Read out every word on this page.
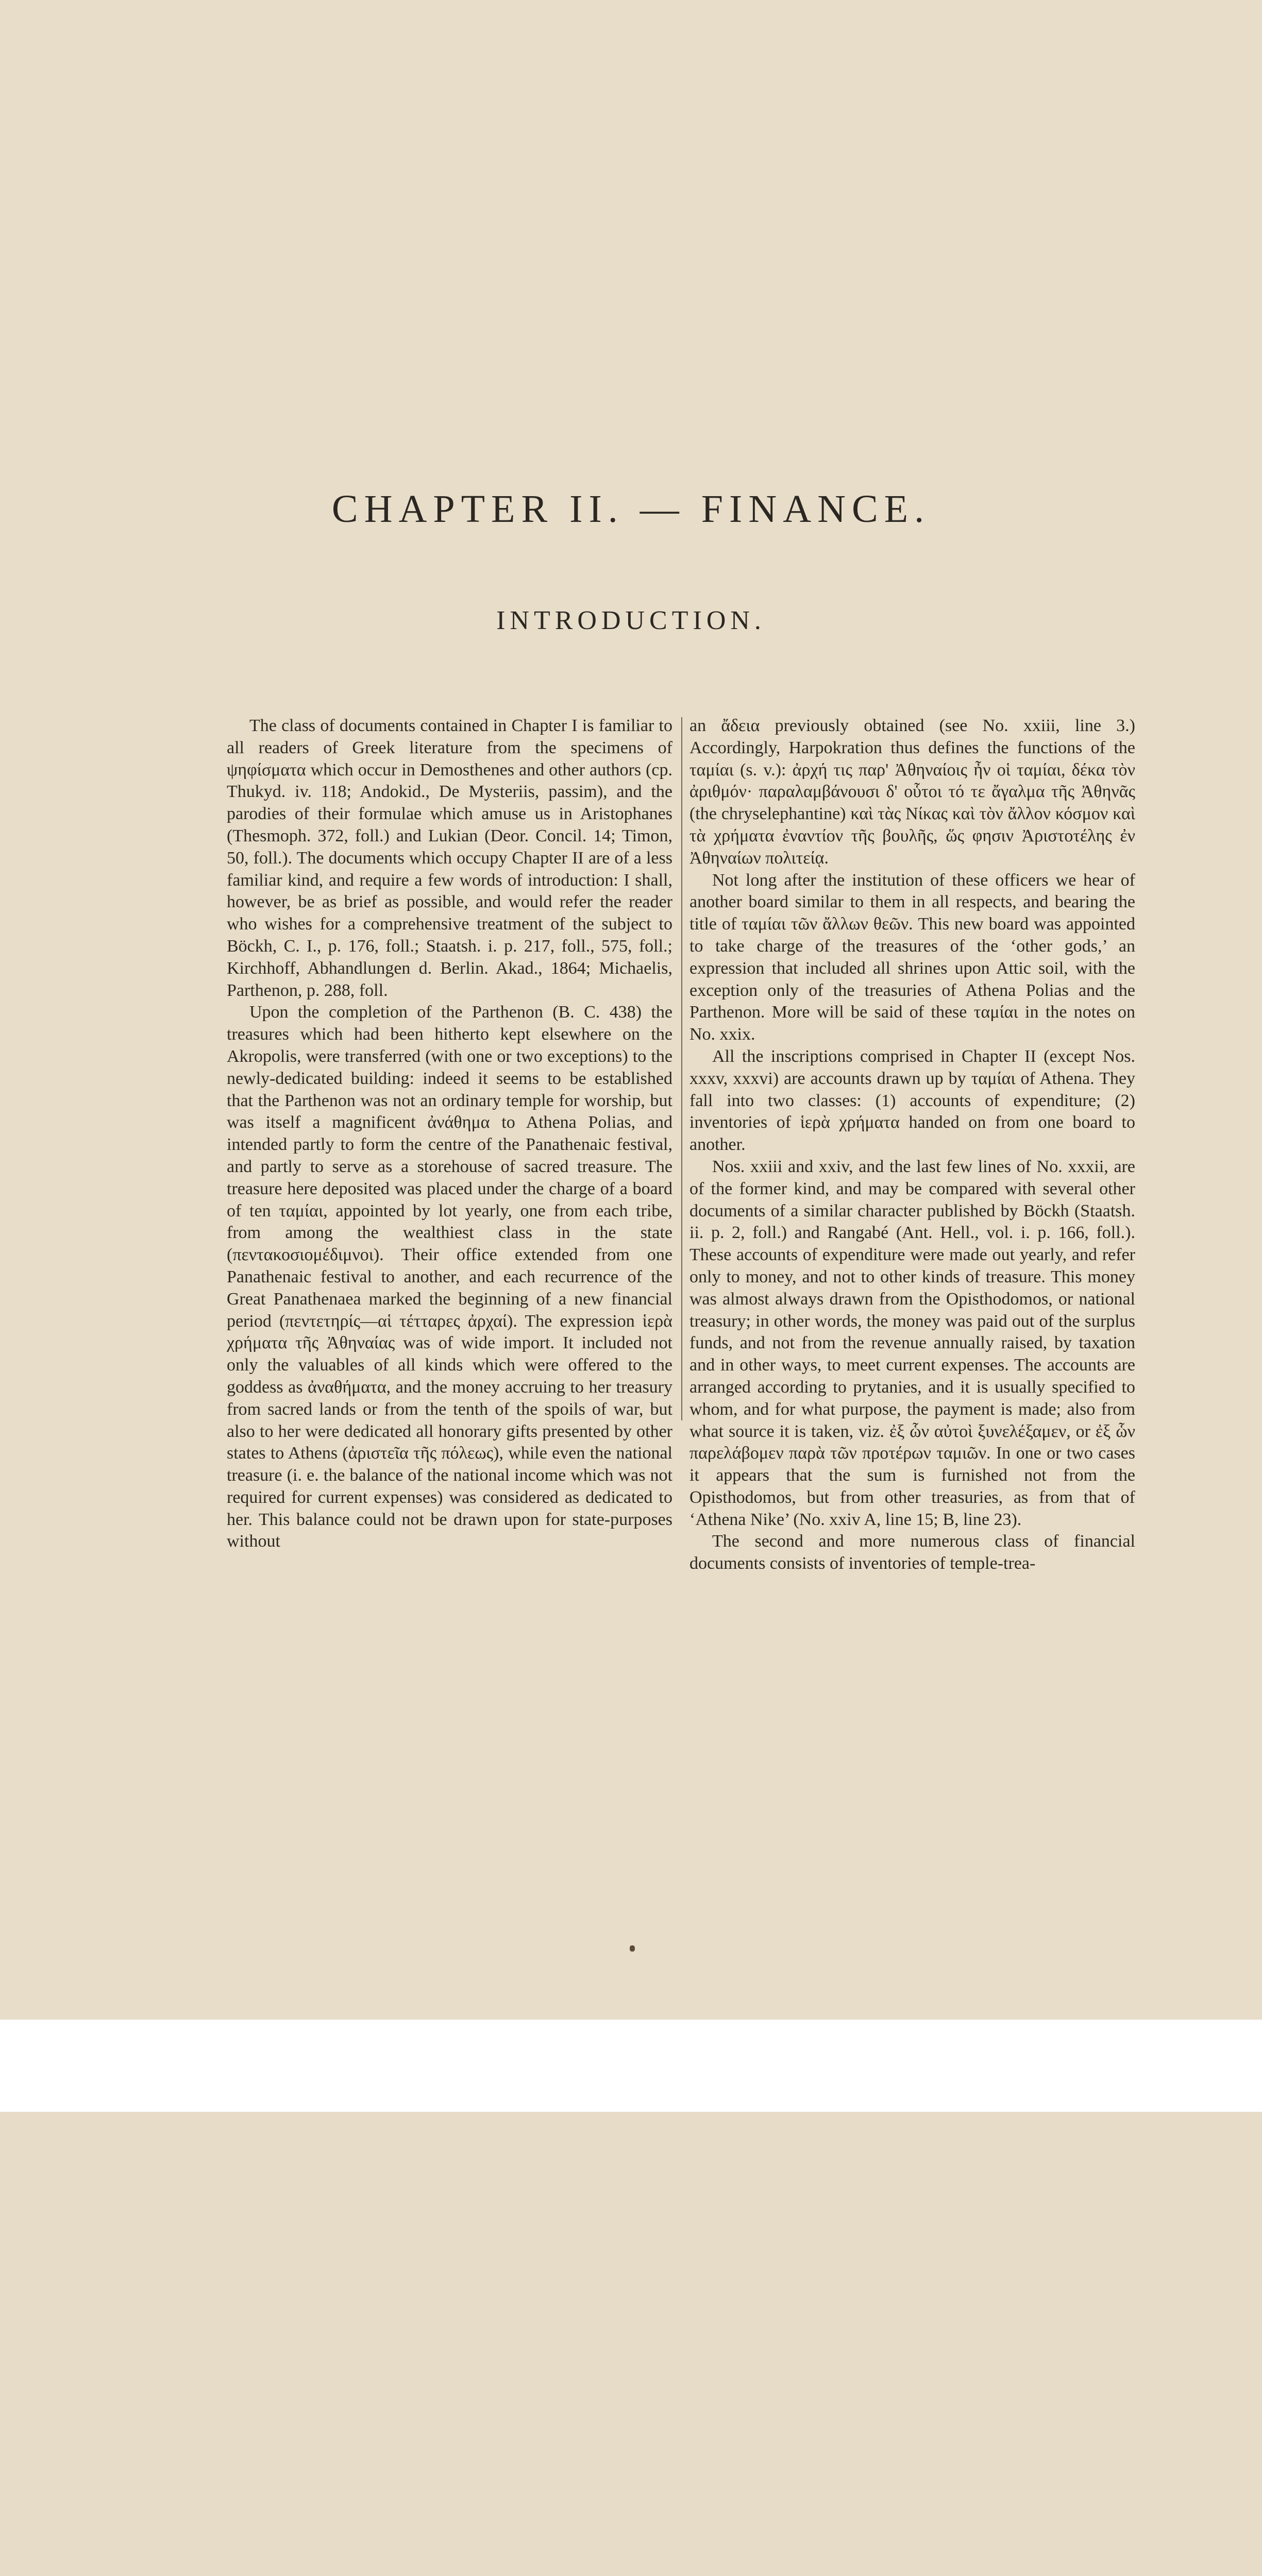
CHAPTER II. — FINANCE.
INTRODUCTION.

The class of documents contained in Chapter I is familiar to all readers of Greek literature from the specimens of ψηφίσματα which occur in Demosthenes and other authors (cp. Thukyd. iv. 118; Andokid., De Mysteriis, passim), and the parodies of their formulae which amuse us in Aristophanes (Thesmoph. 372, foll.) and Lukian (Deor. Concil. 14; Timon, 50, foll.). The documents which occupy Chapter II are of a less familiar kind, and require a few words of introduction: I shall, however, be as brief as possible, and would refer the reader who wishes for a comprehensive treatment of the subject to Böckh, C. I., p. 176, foll.; Staatsh. i. p. 217, foll., 575, foll.; Kirchhoff, Abhandlungen d. Berlin. Akad., 1864; Michaelis, Parthenon, p. 288, foll.

Upon the completion of the Parthenon (B. C. 438) the treasures which had been hitherto kept elsewhere on the Akropolis, were transferred (with one or two exceptions) to the newly-dedicated building: indeed it seems to be established that the Parthenon was not an ordinary temple for worship, but was itself a magnificent ἀνάθημα to Athena Polias, and intended partly to form the centre of the Panathenaic festival, and partly to serve as a storehouse of sacred treasure. The treasure here deposited was placed under the charge of a board of ten ταμίαι, appointed by lot yearly, one from each tribe, from among the wealthiest class in the state (πεντακοσιομέδιμνοι). Their office extended from one Panathenaic festival to another, and each recurrence of the Great Panathenaea marked the beginning of a new financial period (πεντετηρίς—αἱ τέτταρες ἀρχαί). The expression ἱερὰ χρήματα τῆς Ἀθηναίας was of wide import. It included not only the valuables of all kinds which were offered to the goddess as ἀναθήματα, and the money accruing to her treasury from sacred lands or from the tenth of the spoils of war, but also to her were dedicated all honorary gifts presented by other states to Athens (ἀριστεῖα τῆς πόλεως), while even the national treasure (i. e. the balance of the national income which was not required for current expenses) was considered as dedicated to her. This balance could not be drawn upon for state-purposes without

an ἄδεια previously obtained (see No. xxiii, line 3.) Accordingly, Harpokration thus defines the functions of the ταμίαι (s. v.): ἀρχή τις παρ' Ἀθηναίοις ἦν οἱ ταμίαι, δέκα τὸν ἀριθμόν· παραλαμβάνουσι δ' οὗτοι τό τε ἄγαλμα τῆς Ἀθηνᾶς (the chryselephantine) καὶ τὰς Νίκας καὶ τὸν ἄλλον κόσμον καὶ τὰ χρήματα ἐναντίον τῆς βουλῆς, ὥς φησιν Ἀριστοτέλης ἐν Ἀθηναίων πολιτείᾳ.

Not long after the institution of these officers we hear of another board similar to them in all respects, and bearing the title of ταμίαι τῶν ἄλλων θεῶν. This new board was appointed to take charge of the treasures of the ‘other gods,’ an expression that included all shrines upon Attic soil, with the exception only of the treasuries of Athena Polias and the Parthenon. More will be said of these ταμίαι in the notes on No. xxix.

All the inscriptions comprised in Chapter II (except Nos. xxxv, xxxvi) are accounts drawn up by ταμίαι of Athena. They fall into two classes: (1) accounts of expenditure; (2) inventories of ἱερὰ χρήματα handed on from one board to another.

Nos. xxiii and xxiv, and the last few lines of No. xxxii, are of the former kind, and may be compared with several other documents of a similar character published by Böckh (Staatsh. ii. p. 2, foll.) and Rangabé (Ant. Hell., vol. i. p. 166, foll.). These accounts of expenditure were made out yearly, and refer only to money, and not to other kinds of treasure. This money was almost always drawn from the Opisthodomos, or national treasury; in other words, the money was paid out of the surplus funds, and not from the revenue annually raised, by taxation and in other ways, to meet current expenses. The accounts are arranged according to prytanies, and it is usually specified to whom, and for what purpose, the payment is made; also from what source it is taken, viz. ἐξ ὧν αὐτοὶ ξυνελέξαμεν, or ἐξ ὧν παρελάβομεν παρὰ τῶν προτέρων ταμιῶν. In one or two cases it appears that the sum is furnished not from the Opisthodomos, but from other treasuries, as from that of ‘Athena Nike’ (No. xxiv A, line 15; B, line 23).

The second and more numerous class of financial documents consists of inventories of temple-trea-
